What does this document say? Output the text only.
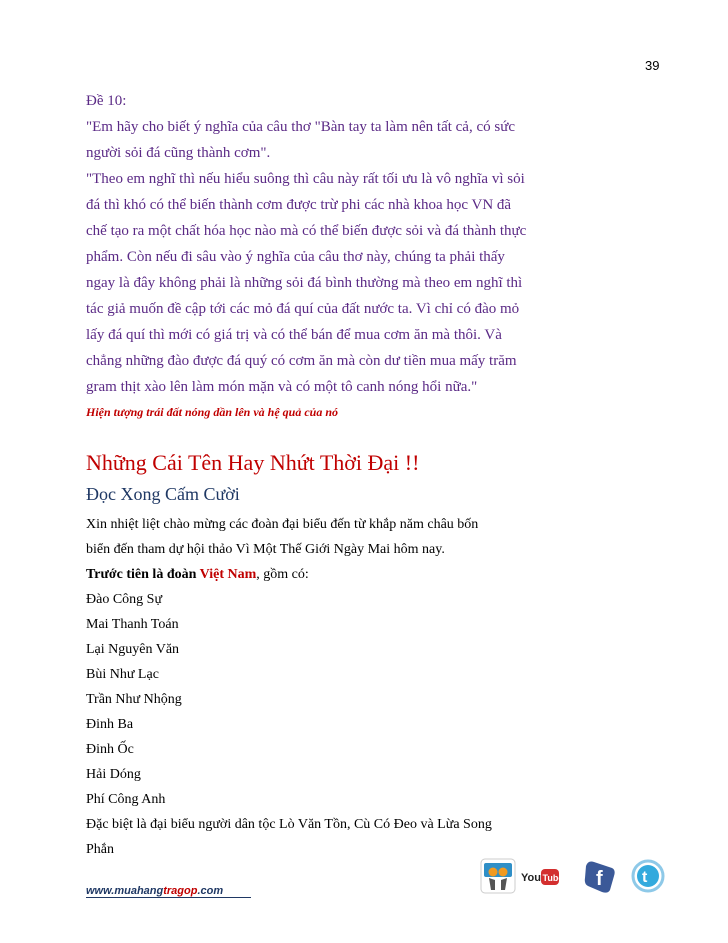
39
Đề 10:
"Em hãy cho biết ý nghĩa của câu thơ "Bàn tay ta làm nên tất cả, có sức
người sỏi đá cũng thành cơm".
"Theo em nghĩ thì nếu hiểu suông thì câu này rất tối ưu là vô nghĩa vì sỏi
đá thì khó có thể biến thành cơm được trừ phi các nhà khoa học VN đã
chế tạo ra một chất hóa học nào mà có thể biến được sỏi và đá thành thực
phẩm. Còn nếu đi sâu vào ý nghĩa của câu thơ này, chúng ta phải thấy
ngay là đây không phải là những sỏi đá bình thường mà theo em nghĩ thì
tác giả muốn đề cập tới các mỏ đá quí của đất nước ta. Vì chỉ có đào mỏ
lấy đá quí thì mới có giá trị và có thể bán để mua cơm ăn mà thôi. Và
chẳng những đào được đá quý có cơm ăn mà còn dư tiền mua mấy trăm
gram thịt xào lên làm món mặn và có một tô canh nóng hổi nữa."
Hiện tượng trái đất nóng dần lên và hệ quả của nó
Những Cái Tên Hay Nhứt Thời Đại !!
Đọc Xong Cấm Cười
Xin nhiệt liệt chào mừng các đoàn đại biểu đến từ khắp năm châu bốn
biển đến tham dự hội thảo Vì Một Thế Giới Ngày Mai hôm nay.
Trước tiên là đoàn Việt Nam, gồm có:
Đào Công Sự
Mai Thanh Toán
Lại Nguyên Văn
Bùi Như Lạc
Trần Như Nhộng
Đinh Ba
Đinh Ốc
Hải Dóng
Phí Công Anh
Đặc biệt là đại biểu người dân tộc Lò Văn Tồn, Cù Có Đeo và Lừa Song
Phắn
www.muahangtragop.com
You Tube f t
